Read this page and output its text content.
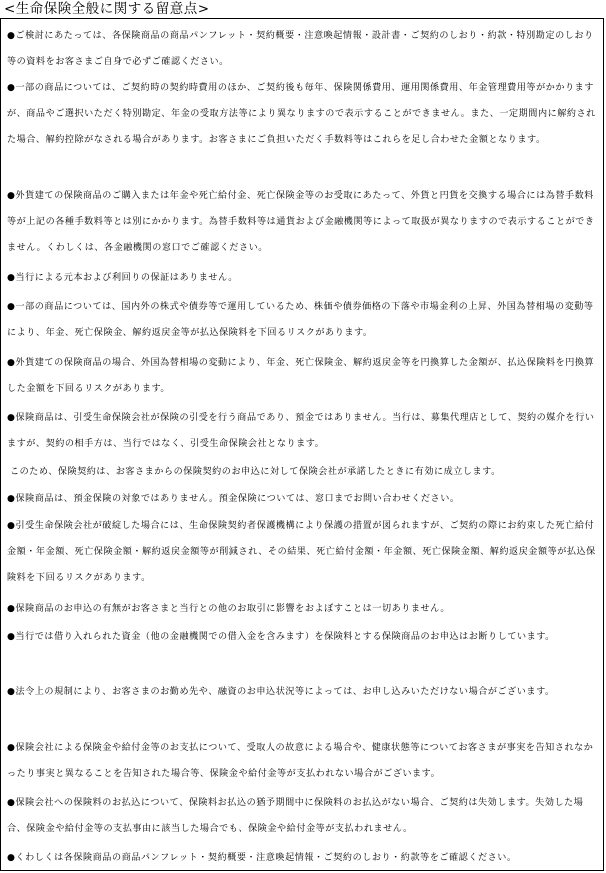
<生命保険全般に関する留意点>
●ご検討にあたっては、各保険商品の商品パンフレット・契約概要・注意喚起情報・設計書・ご契約のしおり・約款・特別勘定のしおり等の資料をお客さまご自身で必ずご確認ください。
●一部の商品については、ご契約時の契約時費用のほか、ご契約後も毎年、保険関係費用、運用関係費用、年金管理費用等がかかりますが、商品やご選択いただく特別勘定、年金の受取方法等により異なりますので表示することができません。また、一定期間内に解約された場合、解約控除がなされる場合があります。お客さまにご負担いただく手数料等はこれらを足し合わせた金額となります。
●外貨建ての保険商品のご購入または年金や死亡給付金、死亡保険金等のお受取にあたって、外貨と円貨を交換する場合には為替手数料等が上記の各種手数料等とは別にかかります。為替手数料等は通貨および金融機関等によって取扱が異なりますので表示することができません。くわしくは、各金融機関の窓口でご確認ください。
●当行による元本および利回りの保証はありません。
●一部の商品については、国内外の株式や債券等で運用しているため、株価や債券価格の下落や市場金利の上昇、外国為替相場の変動等により、年金、死亡保険金、解約返戻金等が払込保険料を下回るリスクがあります。
●外貨建ての保険商品の場合、外国為替相場の変動により、年金、死亡保険金、解約返戻金等を円換算した金額が、払込保険料を円換算した金額を下回るリスクがあります。
●保険商品は、引受生命保険会社が保険の引受を行う商品であり、預金ではありません。当行は、募集代理店として、契約の媒介を行いますが、契約の相手方は、当行ではなく、引受生命保険会社となります。
このため、保険契約は、お客さまからの保険契約のお申込に対して保険会社が承諾したときに有効に成立します。
●保険商品は、預金保険の対象ではありません。預金保険については、窓口までお問い合わせください。
●引受生命保険会社が破綻した場合には、生命保険契約者保護機構により保護の措置が図られますが、ご契約の際にお約束した死亡給付金額・年金額、死亡保険金額・解約返戻金額等が削減され、その結果、死亡給付金額・年金額、死亡保険金額、解約返戻金額等が払込保険料を下回るリスクがあります。
●保険商品のお申込の有無がお客さまと当行との他のお取引に影響をおよぼすことは一切ありません。
●当行では借り入れられた資金（他の金融機関での借入金を含みます）を保険料とする保険商品のお申込はお断りしています。
●法令上の規制により、お客さまのお勤め先や、融資のお申込状況等によっては、お申し込みいただけない場合がございます。
●保険会社による保険金や給付金等のお支払について、受取人の故意による場合や、健康状態等についてお客さまが事実を告知されなかったり事実と異なることを告知された場合等、保険金や給付金等が支払われない場合がございます。
●保険会社への保険料のお払込について、保険料お払込の猶予期間中に保険料のお払込がない場合、ご契約は失効します。失効した場合、保険金や給付金等の支払事由に該当した場合でも、保険金や給付金等が支払われません。
●くわしくは各保険商品の商品パンフレット・契約概要・注意喚起情報・ご契約のしおり・約款等をご確認ください。
